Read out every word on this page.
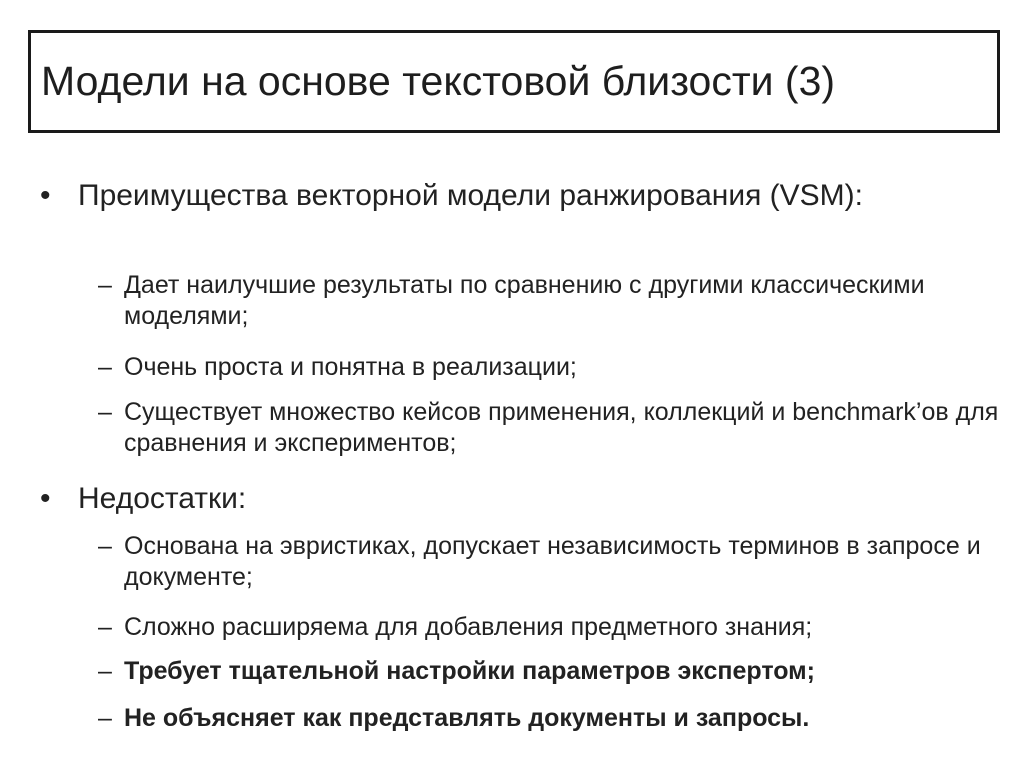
Модели на основе текстовой близости (3)
• Преимущества векторной модели ранжирования (VSM):
– Дает наилучшие результаты по сравнению с другими классическими моделями;
– Очень проста и понятна в реализации;
– Существует множество кейсов применения, коллекций и benchmark’ов для сравнения и экспериментов;
• Недостатки:
– Основана на эвристиках, допускает независимость терминов в запросе и документе;
– Сложно расширяема для добавления предметного знания;
– Требует тщательной настройки параметров экспертом;
– Не объясняет как представлять документы и запросы.
